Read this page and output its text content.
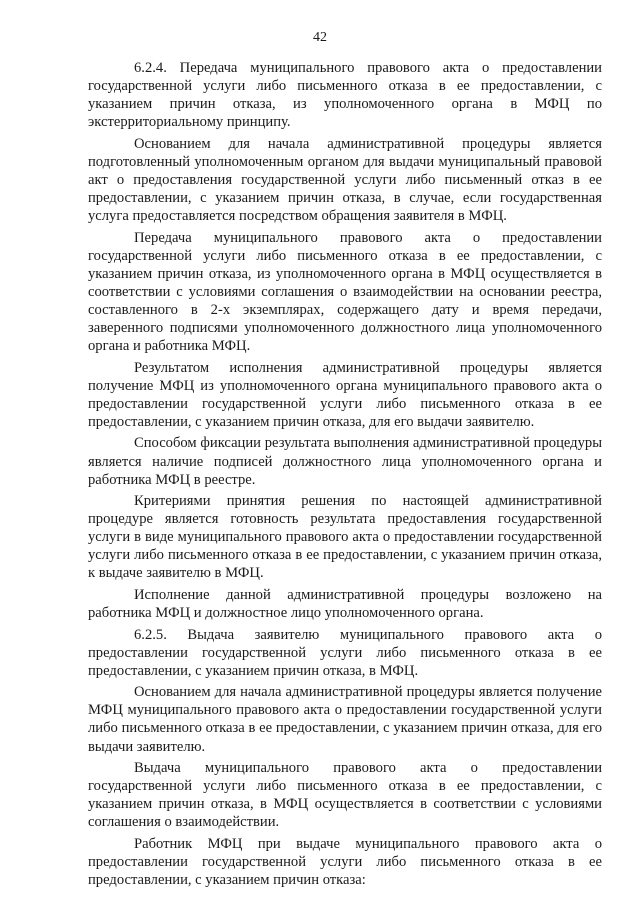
42

6.2.4. Передача муниципального правового акта о предоставлении государственной услуги либо письменного отказа в ее предоставлении, с указанием причин отказа, из уполномоченного органа в МФЦ по экстерриториальному принципу.

Основанием для начала административной процедуры является подготовленный уполномоченным органом для выдачи муниципальный правовой акт о предоставления государственной услуги либо письменный отказ в ее предоставлении, с указанием причин отказа, в случае, если государственная услуга предоставляется посредством обращения заявителя в МФЦ.

Передача муниципального правового акта о предоставлении государственной услуги либо письменного отказа в ее предоставлении, с указанием причин отказа, из уполномоченного органа в МФЦ осуществляется в соответствии с условиями соглашения о взаимодействии на основании реестра, составленного в 2-х экземплярах, содержащего дату и время передачи, заверенного подписями уполномоченного должностного лица уполномоченного органа и работника МФЦ.

Результатом исполнения административной процедуры является получение МФЦ из уполномоченного органа муниципального правового акта о предоставлении государственной услуги либо письменного отказа в ее предоставлении, с указанием причин отказа, для его выдачи заявителю.

Способом фиксации результата выполнения административной процедуры является наличие подписей должностного лица уполномоченного органа и работника МФЦ в реестре.

Критериями принятия решения по настоящей административной процедуре является готовность результата предоставления государственной услуги в виде муниципального правового акта о предоставлении государственной услуги либо письменного отказа в ее предоставлении, с указанием причин отказа, к выдаче заявителю в МФЦ.

Исполнение данной административной процедуры возложено на работника МФЦ и должностное лицо уполномоченного органа.

6.2.5. Выдача заявителю муниципального правового акта о предоставлении государственной услуги либо письменного отказа в ее предоставлении, с указанием причин отказа, в МФЦ.

Основанием для начала административной процедуры является получение МФЦ муниципального правового акта о предоставлении государственной услуги либо письменного отказа в ее предоставлении, с указанием причин отказа, для его выдачи заявителю.

Выдача муниципального правового акта о предоставлении государственной услуги либо письменного отказа в ее предоставлении, с указанием причин отказа, в МФЦ осуществляется в соответствии с условиями соглашения о взаимодействии.

Работник МФЦ при выдаче муниципального правового акта о предоставлении государственной услуги либо письменного отказа в ее предоставлении, с указанием причин отказа:
